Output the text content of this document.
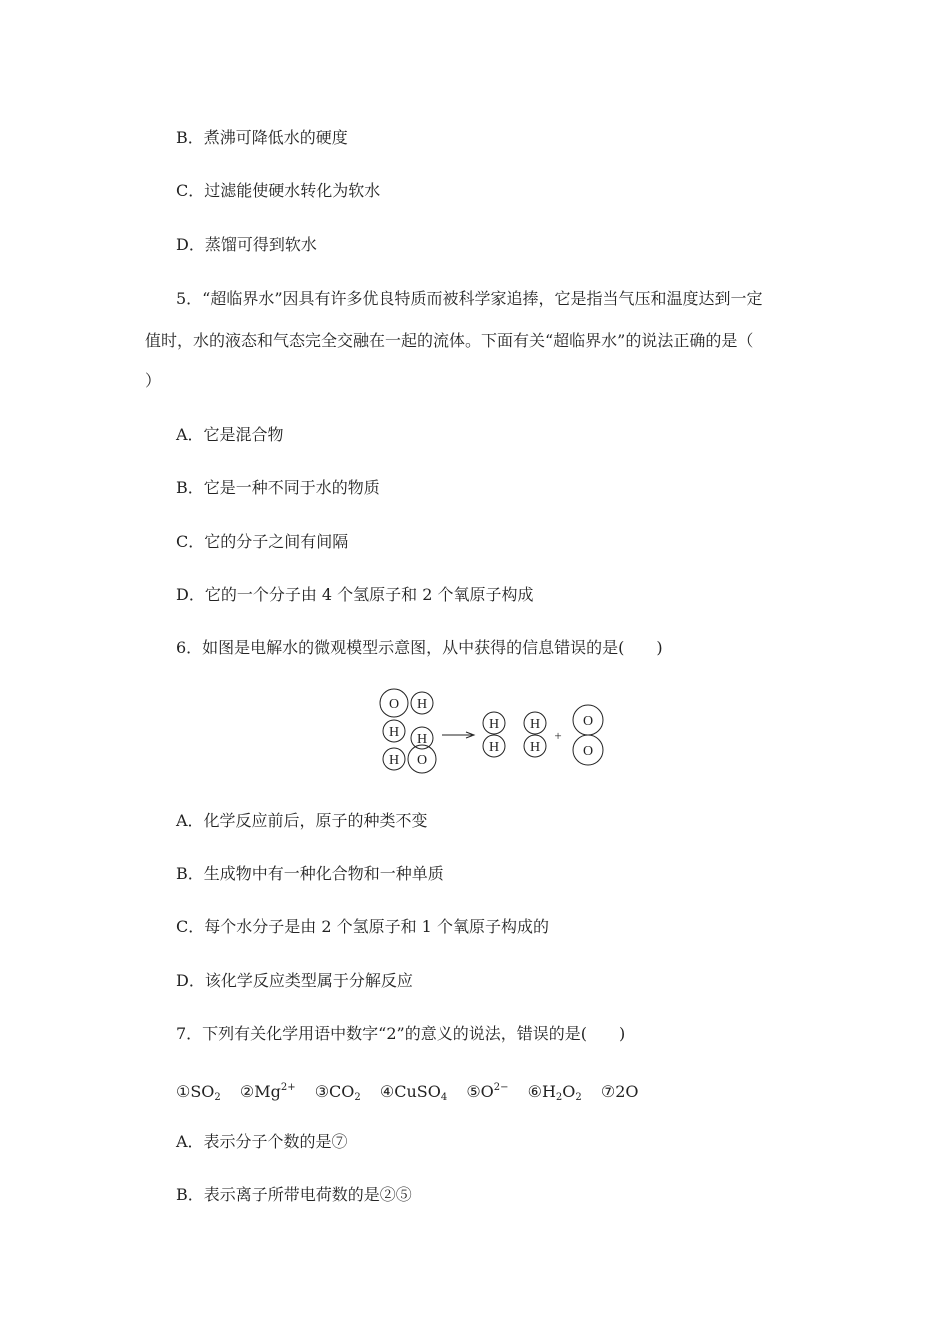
B．煮沸可降低水的硬度
C．过滤能使硬水转化为软水
D．蒸馏可得到软水
5．“超临界水”因具有许多优良特质而被科学家追捧，它是指当气压和温度达到一定
值时，水的液态和气态完全交融在一起的流体。下面有关“超临界水”的说法正确的是（
）
A．它是混合物
B．它是一种不同于水的物质
C．它的分子之间有间隔
D．它的一个分子由 4 个氢原子和 2 个氧原子构成
6．如图是电解水的微观模型示意图，从中获得的信息错误的是(　　)
O H
H H
H O
H
H
H
H
+
O
O
A．化学反应前后，原子的种类不变
B．生成物中有一种化合物和一种单质
C．每个水分子是由 2 个氢原子和 1 个氧原子构成的
D．该化学反应类型属于分解反应
7．下列有关化学用语中数字“2”的意义的说法，错误的是(　　)
$①SO_2$ $②Mg^{2+}$ $③CO_2$ ④CuSO$_4$ $⑤O^{2-}$ $⑥H_2O_2$ ⑦2O
A．表示分子个数的是⑦
B．表示离子所带电荷数的是②⑤
